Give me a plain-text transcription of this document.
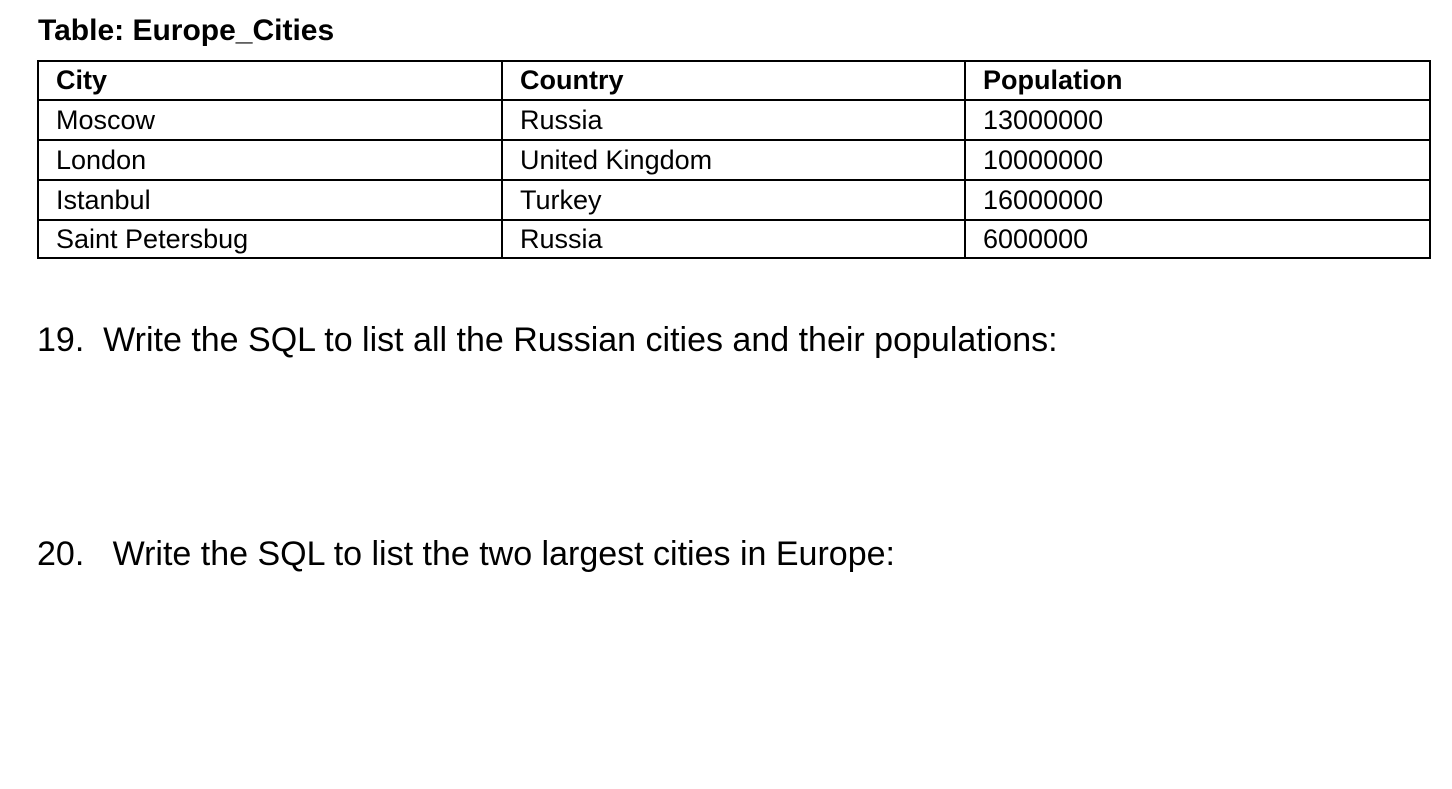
Table: Europe_Cities
City	Country	Population
Moscow	Russia	13000000
London	United Kingdom	10000000
Istanbul	Turkey	16000000
Saint Petersbug	Russia	6000000
19. Write the SQL to list all the Russian cities and their populations:
20. Write the SQL to list the two largest cities in Europe:
